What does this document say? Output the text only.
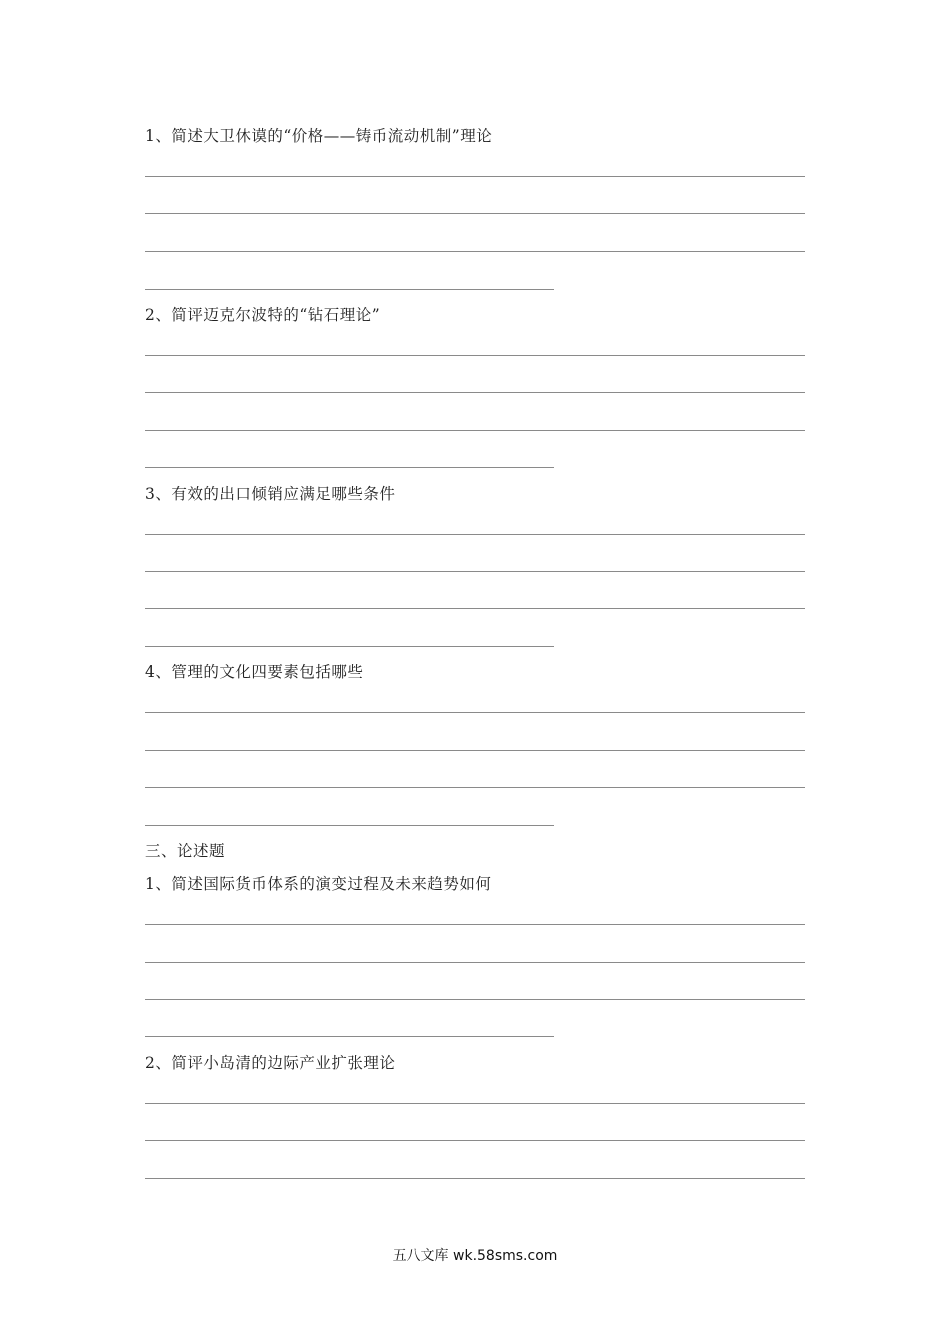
1、简述大卫休谟的“价格——铸币流动机制”理论
2、简评迈克尔波特的“钻石理论”
3、有效的出口倾销应满足哪些条件
4、管理的文化四要素包括哪些
三、论述题
1、简述国际货币体系的演变过程及未来趋势如何
2、简评小岛清的边际产业扩张理论
五八文库 wk.58sms.com
